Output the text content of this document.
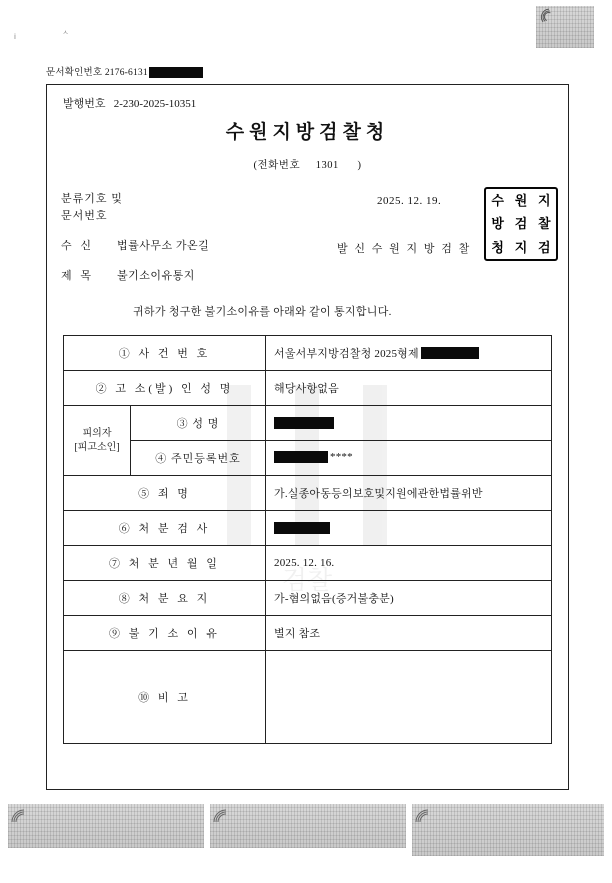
ⅰ	ㅅ
문서확인번호 2176-6131
검찰
발행번호 2-230-2025-10351
수원지방검찰청
(전화번호 1301 )
분류기호 및
문서번호
2025. 12. 19.
수 신 법률사무소 가온길	발 신 수 원 지 방 검 찰
제 목 불기소이유통지
귀하가 청구한 불기소이유를 아래와 같이 통지합니다.
수 원 지
방 검 찰
청 지 검
① 사 건 번 호		서울서부지방검찰청 2025형제

② 고 소(발) 인 성 명		해당사항없음

피의자
[피고소인]	③ 성 명	
	④ 주민등록번호	****

⑤ 죄 명		가.실종아동등의보호및지원에관한법률위반
⑥ 처 분 검 사		
⑦ 처 분 년 월 일		2025. 12. 16.
⑧ 처 분 요 지		가-혐의없음(증거불충분)
⑨ 불 기 소 이 유		별지 참조
⑩ 비 고		
